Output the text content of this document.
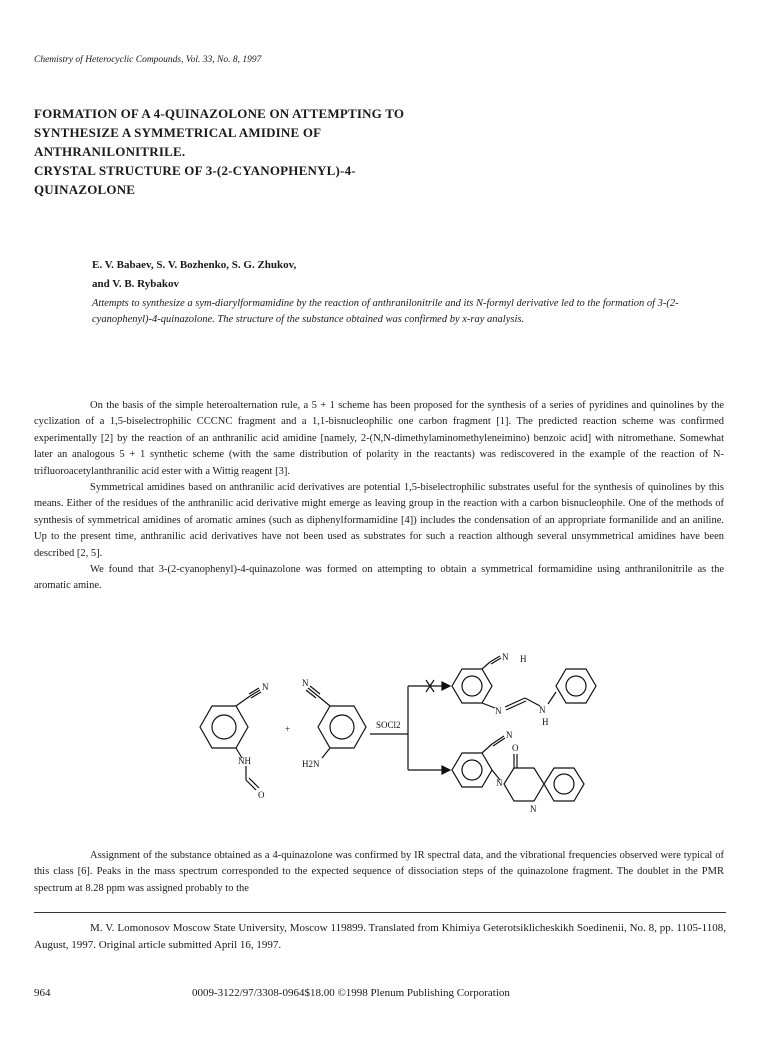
Chemistry of Heterocyclic Compounds, Vol. 33, No. 8, 1997
FORMATION OF A 4-QUINAZOLONE ON ATTEMPTING TO
SYNTHESIZE A SYMMETRICAL AMIDINE OF
ANTHRANILONITRILE.
CRYSTAL STRUCTURE OF 3-(2-CYANOPHENYL)-4-
QUINAZOLONE
E. V. Babaev, S. V. Bozhenko, S. G. Zhukov,
and V. B. Rybakov
Attempts to synthesize a sym-diarylformamidine by the reaction of anthranilonitrile and its N-formyl derivative led to the formation of 3-(2-cyanophenyl)-4-quinazolone. The structure of the substance obtained was confirmed by x-ray analysis.

On the basis of the simple heteroalternation rule, a 5 + 1 scheme has been proposed for the synthesis of a series of pyridines and quinolines by the cyclization of a 1,5-biselectrophilic CCCNC fragment and a 1,1-bisnucleophilic one carbon fragment [1]. The predicted reaction scheme was confirmed experimentally [2] by the reaction of an anthranilic acid amidine [namely, 2-(N,N-dimethylaminomethyleneimino) benzoic acid] with nitromethane. Somewhat later an analogous 5 + 1 synthetic scheme (with the same distribution of polarity in the reactants) was rediscovered in the example of the reaction of N-trifluoroacetylanthranilic acid ester with a Wittig reagent [3].

Symmetrical amidines based on anthranilic acid derivatives are potential 1,5-biselectrophilic substrates useful for the synthesis of quinolines by this means. Either of the residues of the anthranilic acid derivative might emerge as leaving group in the reaction with a carbon bisnucleophile. One of the methods of synthesis of symmetrical amidines of aromatic amines (such as diphenylformamidine [4]) includes the condensation of an appropriate formanilide and an aniline. Up to the present time, anthranilic acid derivatives have not been used as substrates for such a reaction although several unsymmetrical amidines have been described [2, 5].

We found that 3-(2-cyanophenyl)-4-quinazolone was formed on attempting to obtain a symmetrical formamidine using anthranilonitrile as the aromatic amine.

N
NH
O
N
H2N
+	SOCl2
N H
N	N
H
N
O
N
N

Assignment of the substance obtained as a 4-quinazolone was confirmed by IR spectral data, and the vibrational frequencies observed were typical of this class [6]. Peaks in the mass spectrum corresponded to the expected sequence of dissociation steps of the quinazolone fragment. The doublet in the PMR spectrum at 8.28 ppm was assigned probably to the

M. V. Lomonosov Moscow State University, Moscow 119899. Translated from Khimiya Geterotsiklicheskikh Soedinenii, No. 8, pp. 1105-1108, August, 1997. Original article submitted April 16, 1997.
964	0009-3122/97/3308-0964$18.00 ©1998 Plenum Publishing Corporation
